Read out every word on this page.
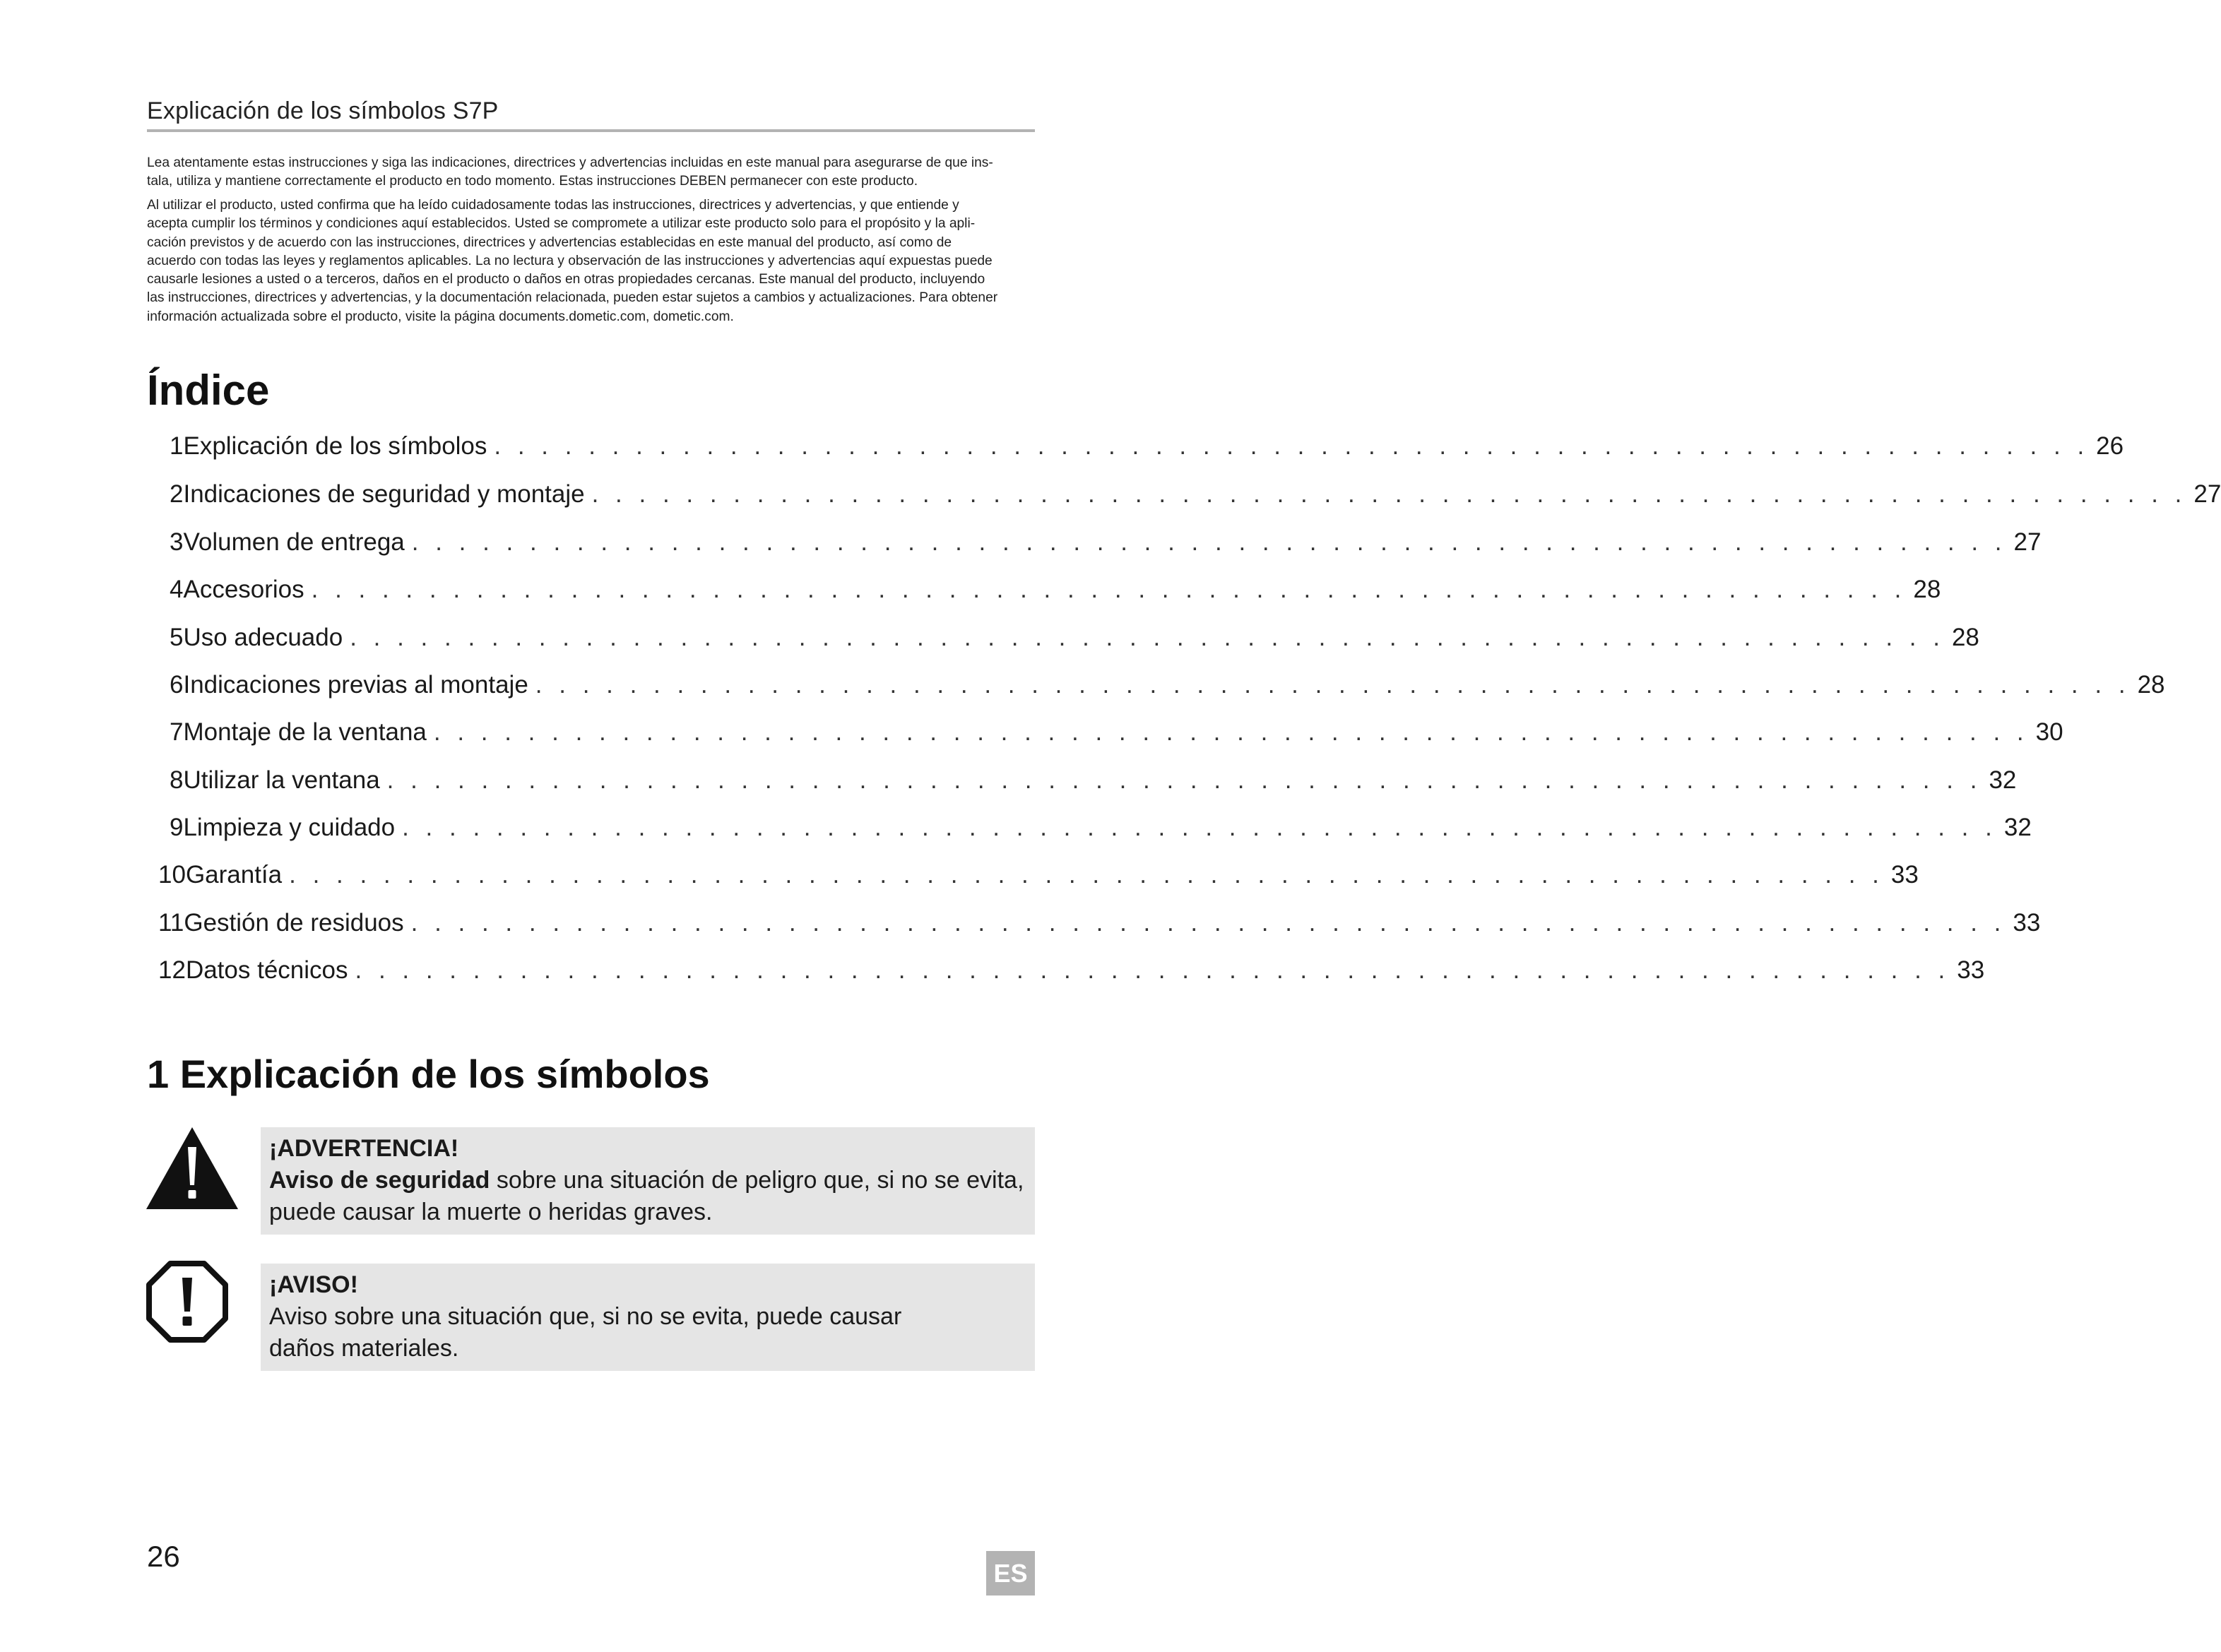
Explicación de los símbolos S7P
Lea atentamente estas instrucciones y siga las indicaciones, directrices y advertencias incluidas en este manual para asegurarse de que ins-
tala, utiliza y mantiene correctamente el producto en todo momento. Estas instrucciones DEBEN permanecer con este producto.
Al utilizar el producto, usted confirma que ha leído cuidadosamente todas las instrucciones, directrices y advertencias, y que entiende y
acepta cumplir los términos y condiciones aquí establecidos. Usted se compromete a utilizar este producto solo para el propósito y la apli-
cación previstos y de acuerdo con las instrucciones, directrices y advertencias establecidas en este manual del producto, así como de
acuerdo con todas las leyes y reglamentos aplicables. La no lectura y observación de las instrucciones y advertencias aquí expuestas puede
causarle lesiones a usted o a terceros, daños en el producto o daños en otras propiedades cercanas. Este manual del producto, incluyendo
las instrucciones, directrices y advertencias, y la documentación relacionada, pueden estar sujetos a cambios y actualizaciones. Para obtener
información actualizada sobre el producto, visite la página documents.dometic.com, dometic.com.
Índice
1 Explicación de los símbolos . . . . . . . . . . . . . . . . . . . . . . . . . . . . . . . . . . . . . . . . . . . . . . . . . . . . . . . . . . . . . . . . . . . . 26
2 Indicaciones de seguridad y montaje . . . . . . . . . . . . . . . . . . . . . . . . . . . . . . . . . . . . . . . . . . . . . . . . . . . . . . . . . . . . . . . . . . . . 27
3 Volumen de entrega . . . . . . . . . . . . . . . . . . . . . . . . . . . . . . . . . . . . . . . . . . . . . . . . . . . . . . . . . . . . . . . . . . . . 27
4 Accesorios . . . . . . . . . . . . . . . . . . . . . . . . . . . . . . . . . . . . . . . . . . . . . . . . . . . . . . . . . . . . . . . . . . . . 28
5 Uso adecuado . . . . . . . . . . . . . . . . . . . . . . . . . . . . . . . . . . . . . . . . . . . . . . . . . . . . . . . . . . . . . . . . . . . . 28
6 Indicaciones previas al montaje . . . . . . . . . . . . . . . . . . . . . . . . . . . . . . . . . . . . . . . . . . . . . . . . . . . . . . . . . . . . . . . . . . . . 28
7 Montaje de la ventana . . . . . . . . . . . . . . . . . . . . . . . . . . . . . . . . . . . . . . . . . . . . . . . . . . . . . . . . . . . . . . . . . . . . 30
8 Utilizar la ventana . . . . . . . . . . . . . . . . . . . . . . . . . . . . . . . . . . . . . . . . . . . . . . . . . . . . . . . . . . . . . . . . . . . . 32
9 Limpieza y cuidado . . . . . . . . . . . . . . . . . . . . . . . . . . . . . . . . . . . . . . . . . . . . . . . . . . . . . . . . . . . . . . . . . . . . 32
10 Garantía . . . . . . . . . . . . . . . . . . . . . . . . . . . . . . . . . . . . . . . . . . . . . . . . . . . . . . . . . . . . . . . . . . . . 33
11 Gestión de residuos . . . . . . . . . . . . . . . . . . . . . . . . . . . . . . . . . . . . . . . . . . . . . . . . . . . . . . . . . . . . . . . . . . . . 33
12 Datos técnicos . . . . . . . . . . . . . . . . . . . . . . . . . . . . . . . . . . . . . . . . . . . . . . . . . . . . . . . . . . . . . . . . . . . . 33
1 Explicación de los símbolos
¡ADVERTENCIA!
Aviso de seguridad sobre una situación de peligro que, si no se evita,
puede causar la muerte o heridas graves.
¡AVISO!
Aviso sobre una situación que, si no se evita, puede causar
daños materiales.
26	ES
